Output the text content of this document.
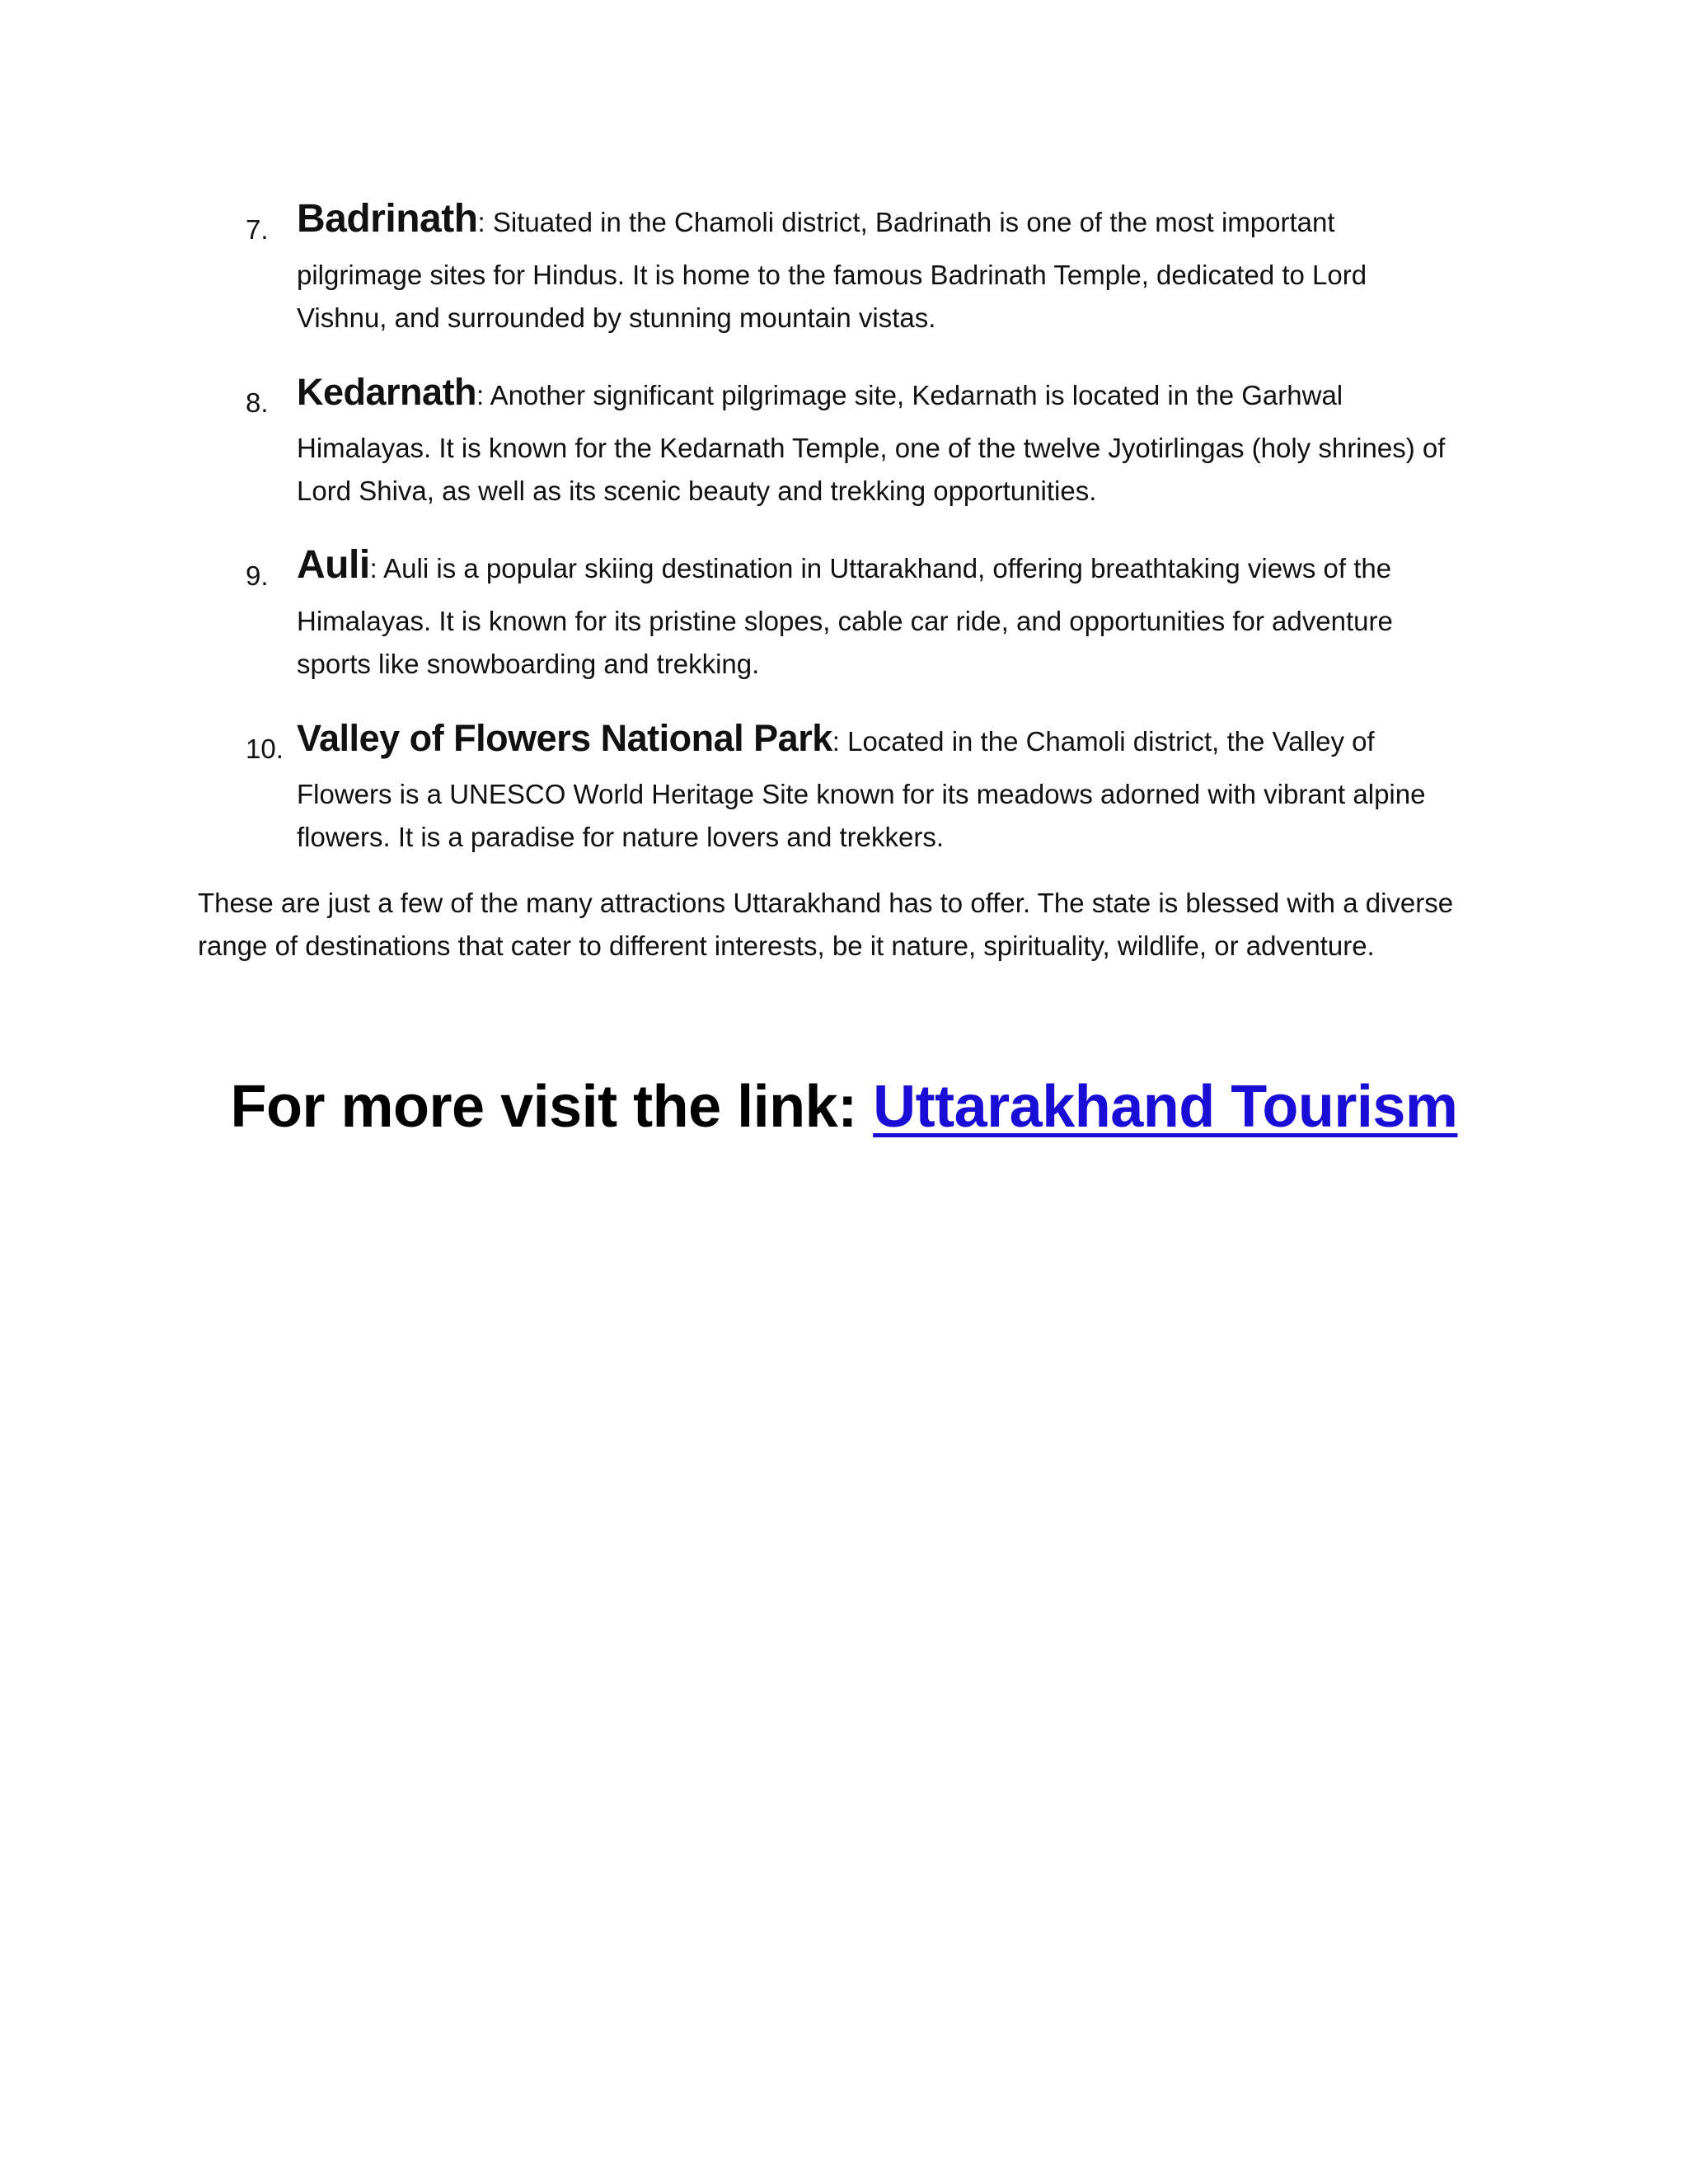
7. Badrinath: Situated in the Chamoli district, Badrinath is one of the most important
pilgrimage sites for Hindus. It is home to the famous Badrinath Temple, dedicated to Lord
Vishnu, and surrounded by stunning mountain vistas.
8. Kedarnath: Another significant pilgrimage site, Kedarnath is located in the Garhwal
Himalayas. It is known for the Kedarnath Temple, one of the twelve Jyotirlingas (holy shrines) of
Lord Shiva, as well as its scenic beauty and trekking opportunities.
9. Auli: Auli is a popular skiing destination in Uttarakhand, offering breathtaking views of the
Himalayas. It is known for its pristine slopes, cable car ride, and opportunities for adventure
sports like snowboarding and trekking.
10. Valley of Flowers National Park: Located in the Chamoli district, the Valley of
Flowers is a UNESCO World Heritage Site known for its meadows adorned with vibrant alpine
flowers. It is a paradise for nature lovers and trekkers.
These are just a few of the many attractions Uttarakhand has to offer. The state is blessed with a diverse
range of destinations that cater to different interests, be it nature, spirituality, wildlife, or adventure.
For more visit the link: Uttarakhand Tourism
